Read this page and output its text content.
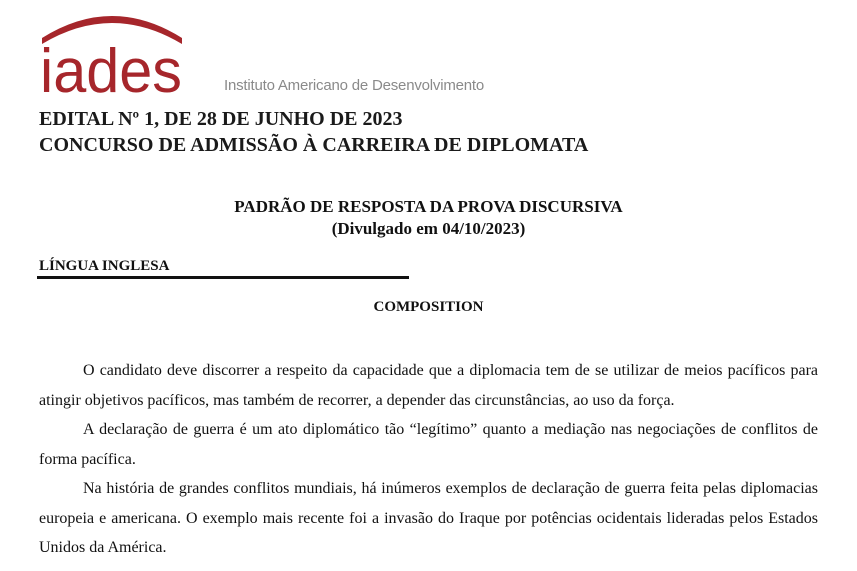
iades	Instituto Americano de Desenvolvimento
EDITAL Nº 1, DE 28 DE JUNHO DE 2023
CONCURSO DE ADMISSÃO À CARREIRA DE DIPLOMATA
PADRÃO DE RESPOSTA DA PROVA DISCURSIVA
(Divulgado em 04/10/2023)
LÍNGUA INGLESA
COMPOSITION

O candidato deve discorrer a respeito da capacidade que a diplomacia tem de se utilizar de meios pacíficos para atingir objetivos pacíficos, mas também de recorrer, a depender das circunstâncias, ao uso da força.

A declaração de guerra é um ato diplomático tão “legítimo” quanto a mediação nas negociações de conflitos de forma pacífica.

Na história de grandes conflitos mundiais, há inúmeros exemplos de declaração de guerra feita pelas diplomacias europeia e americana. O exemplo mais recente foi a invasão do Iraque por potências ocidentais lideradas pelos Estados Unidos da América.
